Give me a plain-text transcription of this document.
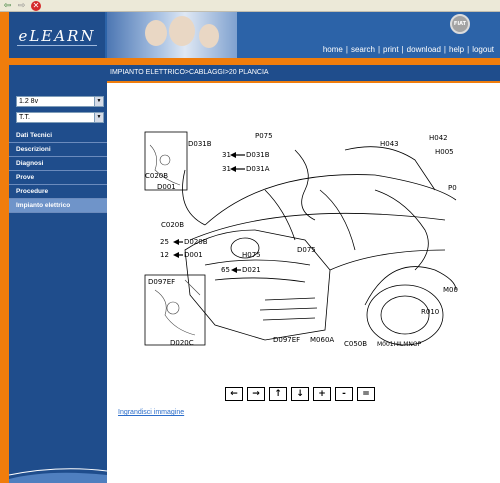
⇦ ⇨ ✕
eLEARN
FIAT
home | search | print | download | help | logout
1.2 8v	▼
T.T.	▼
Dati Tecnici
Descrizioni
Diagnosi
Prove
Procedure
Impianto elettrico
IMPIANTO ELETTRICO>CABLAGGI>20 PLANCIA
P075
D031B
31 D031B
31 D031A
C020B
D001
C020B
25 D020B
12 D001	H075
D075
65 D021
D097EF
D020C	D097EF M060A C050B M001HILMNOP
H043
H042
H005
R010
M00
P0
←	→	↑	↓	+	-	=
Ingrandisci immagine
